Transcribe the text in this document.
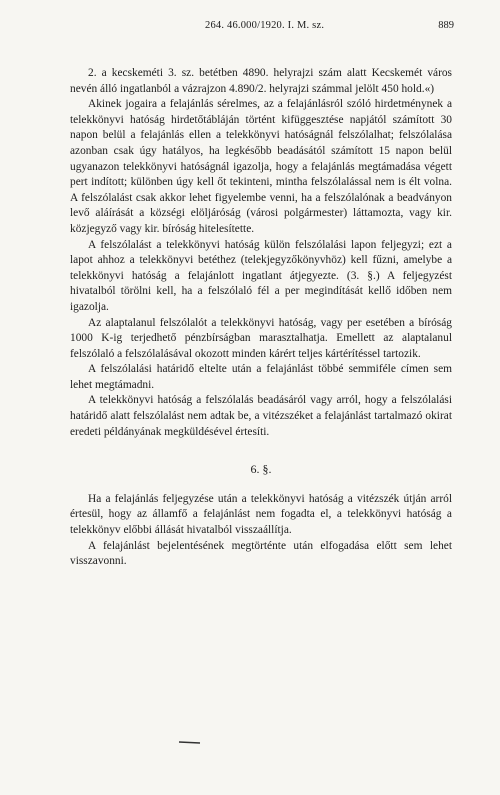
264. 46.000/1920. I. M. sz.	889

2. a kecskeméti 3. sz. betétben 4890. helyrajzi szám alatt Kecskemét város nevén álló ingatlanból a vázrajzon 4.890/2. helyrajzi számmal jelölt 450 hold.«)

Akinek jogaira a felajánlás sérelmes, az a felajánlásról szóló hirdetménynek a telekkönyvi hatóság hirdetőtábláján történt kifüggesztése napjától számított 30 napon belül a felajánlás ellen a telekkönyvi hatóságnál felszólalhat; felszólalása azonban csak úgy hatályos, ha legkésőbb beadásától számított 15 napon belül ugyanazon telekkönyvi hatóságnál igazolja, hogy a felajánlás megtámadása végett pert indított; különben úgy kell őt tekinteni, mintha felszólalással nem is élt volna. A felszólalást csak akkor lehet figyelembe venni, ha a felszólalónak a beadványon levő aláírását a községi elöljáróság (városi polgármester) láttamozta, vagy kir. közjegyző vagy kir. bíróság hitelesítette.

A felszólalást a telekkönyvi hatóság külön felszólalási lapon feljegyzi; ezt a lapot ahhoz a telekkönyvi betéthez (telekjegyzőkönyvhöz) kell fűzni, amelybe a telekkönyvi hatóság a felajánlott ingatlant átjegyezte. (3. §.) A feljegyzést hivatalból törölni kell, ha a felszólaló fél a per megindítását kellő időben nem igazolja.

Az alaptalanul felszólalót a telekkönyvi hatóság, vagy per esetében a bíróság 1000 K-ig terjedhető pénzbírságban marasztalhatja. Emellett az alaptalanul felszólaló a felszólalásával okozott minden kárért teljes kártérítéssel tartozik.

A felszólalási határidő eltelte után a felajánlást többé semmiféle címen sem lehet megtámadni.

A telekkönyvi hatóság a felszólalás beadásáról vagy arról, hogy a felszólalási határidő alatt felszólalást nem adtak be, a vitézszéket a felajánlást tartalmazó okirat eredeti példányának megküldésével értesíti.

6. §.

Ha a felajánlás feljegyzése után a telekkönyvi hatóság a vitézszék útján arról értesül, hogy az államfő a felajánlást nem fogadta el, a telekkönyvi hatóság a telekkönyv előbbi állását hivatalból visszaállítja.

A felajánlást bejelentésének megtörténte után elfogadása előtt sem lehet visszavonni.
